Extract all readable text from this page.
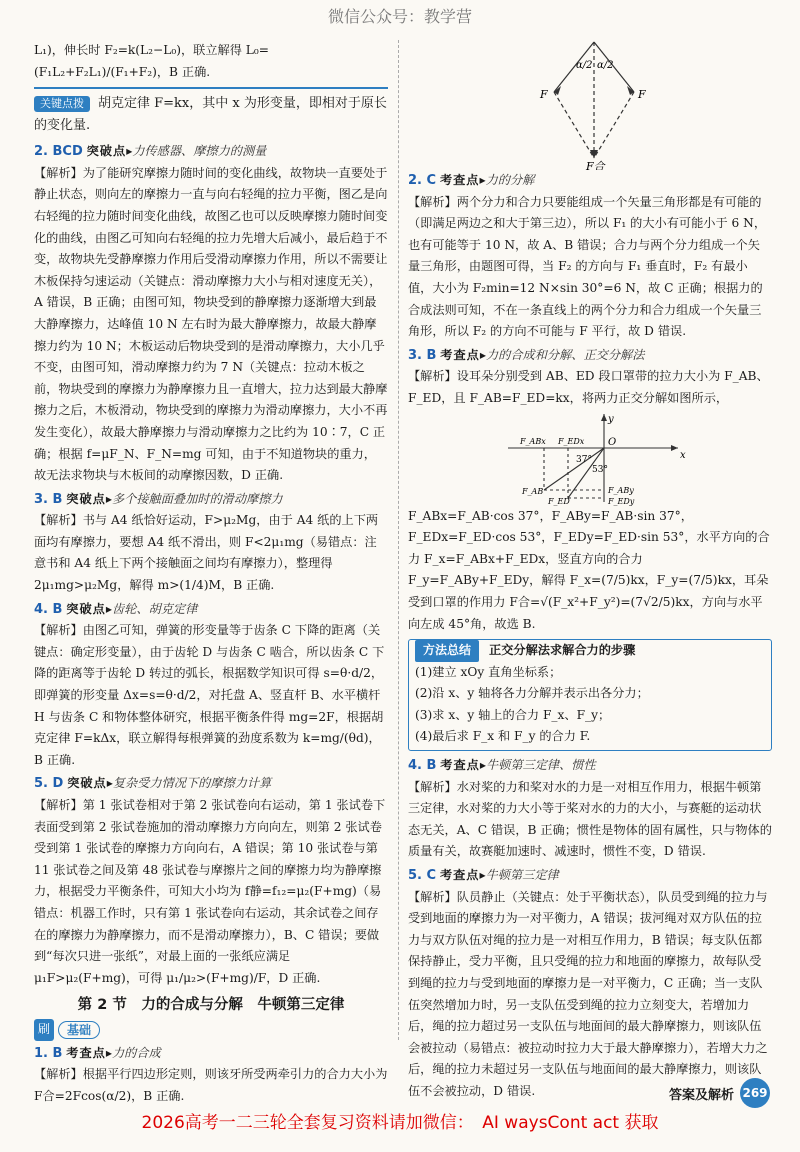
微信公众号：教学营

L₁)，伸长时 F₂=k(L₂−L₀)，联立解得 L₀=(F₁L₂+F₂L₁)/(F₁+F₂)，B 正确.

关键点拨 胡克定律 F=kx，其中 x 为形变量，即相对于原长的变化量.
2. BCD 突破点▸力传感器、摩擦力的测量

【解析】为了能研究摩擦力随时间的变化曲线，故物块一直要处于静止状态，则向左的摩擦力一直与向右轻绳的拉力平衡，图乙是向右轻绳的拉力随时间变化曲线，故图乙也可以反映摩擦力随时间变化的曲线，由图乙可知向右轻绳的拉力先增大后减小，最后趋于不变，故物块先受静摩擦力作用后受滑动摩擦力作用，所以不需要让木板保持匀速运动（关键点：滑动摩擦力大小与相对速度无关），A 错误，B 正确；由图可知，物块受到的静摩擦力逐渐增大到最大静摩擦力，达峰值 10 N 左右时为最大静摩擦力，故最大静摩擦力约为 10 N；木板运动后物块受到的是滑动摩擦力，大小几乎不变，由图可知，滑动摩擦力约为 7 N（关键点：拉动木板之前，物块受到的摩擦力为静摩擦力且一直增大，拉力达到最大静摩擦力之后，木板滑动，物块受到的摩擦力为滑动摩擦力，大小不再发生变化），故最大静摩擦力与滑动摩擦力之比约为 10∶7，C 正确；根据 f=μF_N、F_N=mg 可知，由于不知道物块的重力，故无法求物块与木板间的动摩擦因数，D 正确.

3. B 突破点▸多个接触面叠加时的滑动摩擦力

【解析】书与 A4 纸恰好运动，F>μ₂Mg，由于 A4 纸的上下两面均有摩擦力，要想 A4 纸不滑出，则 F<2μ₁mg（易错点：注意书和 A4 纸上下两个接触面之间均有摩擦力），整理得 2μ₁mg>μ₂Mg，解得 m>(1/4)M，B 正确.

4. B 突破点▸齿轮、胡克定律

【解析】由图乙可知，弹簧的形变量等于齿条 C 下降的距离（关键点：确定形变量），由于齿轮 D 与齿条 C 啮合，所以齿条 C 下降的距离等于齿轮 D 转过的弧长，根据数学知识可得 s=θ·d/2，即弹簧的形变量 Δx=s=θ·d/2，对托盘 A、竖直杆 B、水平横杆 H 与齿条 C 和物体整体研究，根据平衡条件得 mg=2F，根据胡克定律 F=kΔx，联立解得每根弹簧的劲度系数为 k=mg/(θd)，B 正确.

5. D 突破点▸复杂受力情况下的摩擦力计算

【解析】第 1 张试卷相对于第 2 张试卷向右运动，第 1 张试卷下表面受到第 2 张试卷施加的滑动摩擦力方向向左，则第 2 张试卷受到第 1 张试卷的摩擦力方向向右，A 错误；第 10 张试卷与第 11 张试卷之间及第 48 张试卷与摩擦片之间的摩擦力均为静摩擦力，根据受力平衡条件，可知大小均为 f静=f₁₂=μ₂(F+mg)（易错点：机器工作时，只有第 1 张试卷向右运动，其余试卷之间存在的摩擦力为静摩擦力，而不是滑动摩擦力），B、C 错误；要做到“每次只进一张纸”，对最上面的一张纸应满足 μ₁F>μ₂(F+mg)，可得 μ₁/μ₂>(F+mg)/F，D 正确.

第 2 节　力的合成与分解　牛顿第三定律
刷	基础
1. B 考查点▸力的合成

【解析】根据平行四边形定则，则该牙所受两牵引力的合力大小为 F合=2Fcos(α/2)，B 正确.

α/2 α/2
F	F
F合
2. C 考查点▸力的分解

【解析】两个分力和合力只要能组成一个矢量三角形都是有可能的（即满足两边之和大于第三边），所以 F₁ 的大小有可能小于 6 N，也有可能等于 10 N，故 A、B 错误；合力与两个分力组成一个矢量三角形，由题图可得，当 F₂ 的方向与 F₁ 垂直时，F₂ 有最小值，大小为 F₂min=12 N×sin 30°=6 N，故 C 正确；根据力的合成法则可知，不在一条直线上的两个分力和合力组成一个矢量三角形，所以 F₂ 的方向不可能与 F 平行，故 D 错误.

3. B 考查点▸力的合成和分解、正交分解法

【解析】设耳朵分别受到 AB、ED 段口罩带的拉力大小为 F_AB、F_ED，且 F_AB=F_ED=kx，将两力正交分解如图所示，

y
x
O
37°
53°
F_ABx F_EDx
F_AB
F_ED
F_ABy
F_EDy

F_ABx=F_AB·cos 37°，F_ABy=F_AB·sin 37°，F_EDx=F_ED·cos 53°，F_EDy=F_ED·sin 53°，水平方向的合力 F_x=F_ABx+F_EDx，竖直方向的合力 F_y=F_ABy+F_EDy，解得 F_x=(7/5)kx，F_y=(7/5)kx，耳朵受到口罩的作用力 F合=√(F_x²+F_y²)=(7√2/5)kx，方向与水平向左成 45°角，故选 B.

方法总结	正交分解法求解合力的步骤

(1)建立 xOy 直角坐标系；

(2)沿 x、y 轴将各力分解并表示出各分力；

(3)求 x、y 轴上的合力 F_x、F_y；

(4)最后求 F_x 和 F_y 的合力 F.

4. B 考查点▸牛顿第三定律、惯性

【解析】水对桨的力和桨对水的力是一对相互作用力，根据牛顿第三定律，水对桨的力大小等于桨对水的力的大小，与赛艇的运动状态无关，A、C 错误，B 正确；惯性是物体的固有属性，只与物体的质量有关，故赛艇加速时、减速时，惯性不变，D 错误.

5. C 考查点▸牛顿第三定律

【解析】队员静止（关键点：处于平衡状态），队员受到绳的拉力与受到地面的摩擦力为一对平衡力，A 错误；拔河绳对双方队伍的拉力与双方队伍对绳的拉力是一对相互作用力，B 错误；每支队伍都保持静止，受力平衡，且只受绳的拉力和地面的摩擦力，故每队受到绳的拉力与受到地面的摩擦力是一对平衡力，C 正确；当一支队伍突然增加力时，另一支队伍受到绳的拉力立刻变大，若增加力后，绳的拉力超过另一支队伍与地面间的最大静摩擦力，则该队伍会被拉动（易错点：被拉动时拉力大于最大静摩擦力），若增大力之后，绳的拉力未超过另一支队伍与地面间的最大静摩擦力，则该队伍不会被拉动，D 错误.	答案及解析 269
2026高考一二三轮全套复习资料请加微信：　AI waysCont act 获取
